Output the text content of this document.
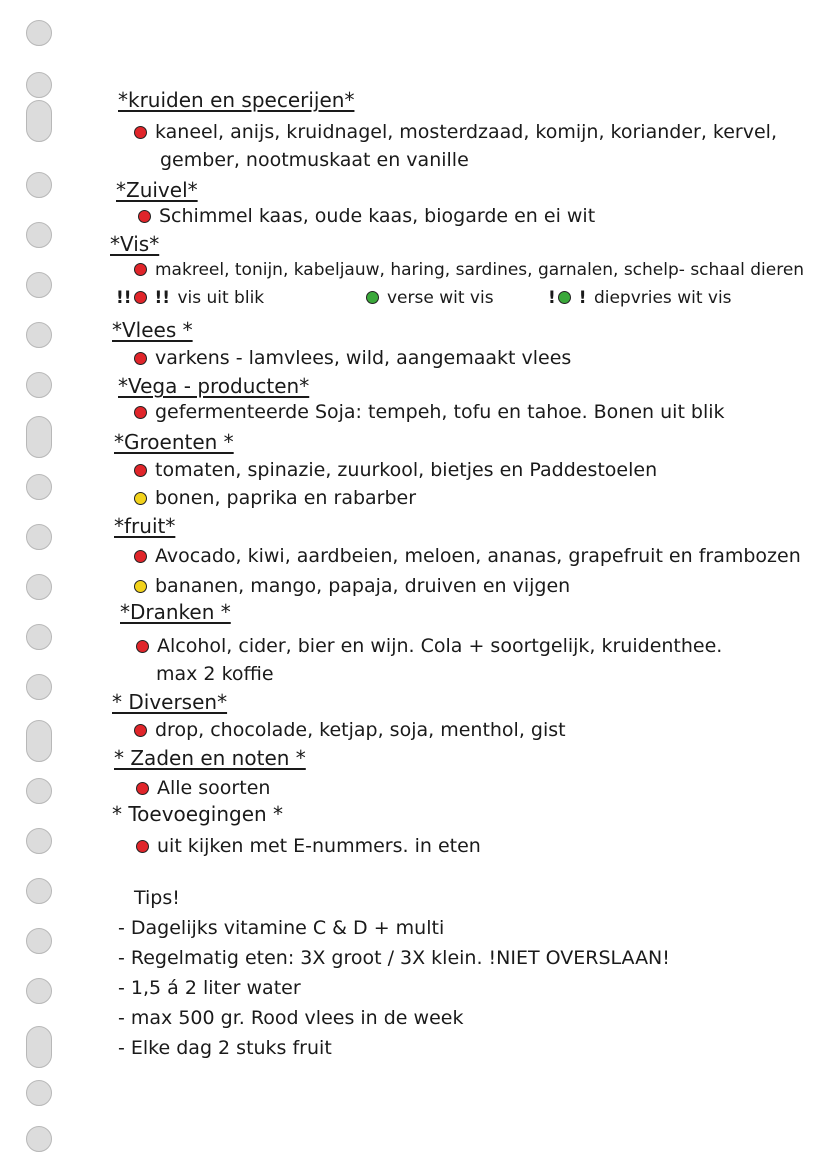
*kruiden en specerijen*
kaneel, anijs, kruidnagel, mosterdzaad, komijn, koriander, kervel,
gember, nootmuskaat en vanille
*Zuivel*
Schimmel kaas, oude kaas, biogarde en ei wit
*Vis*
makreel, tonijn, kabeljauw, haring, sardines, garnalen, schelp- schaal dieren
!! !! vis uit blik	verse wit vis	! ! diepvries wit vis
*Vlees *
varkens - lamvlees, wild, aangemaakt vlees
*Vega - producten*
gefermenteerde Soja: tempeh, tofu en tahoe. Bonen uit blik
*Groenten *
tomaten, spinazie, zuurkool, bietjes en Paddestoelen
bonen, paprika en rabarber
*fruit*
Avocado, kiwi, aardbeien, meloen, ananas, grapefruit en frambozen
bananen, mango, papaja, druiven en vijgen
*Dranken *
Alcohol, cider, bier en wijn. Cola + soortgelijk, kruidenthee.
max 2 koffie
* Diversen*
drop, chocolade, ketjap, soja, menthol, gist
* Zaden en noten *
Alle soorten
* Toevoegingen *
uit kijken met E-nummers. in eten
Tips!
- Dagelijks vitamine C & D + multi
- Regelmatig eten: 3X groot / 3X klein. !NIET OVERSLAAN!
- 1,5 á 2 liter water
- max 500 gr. Rood vlees in de week
- Elke dag 2 stuks fruit
